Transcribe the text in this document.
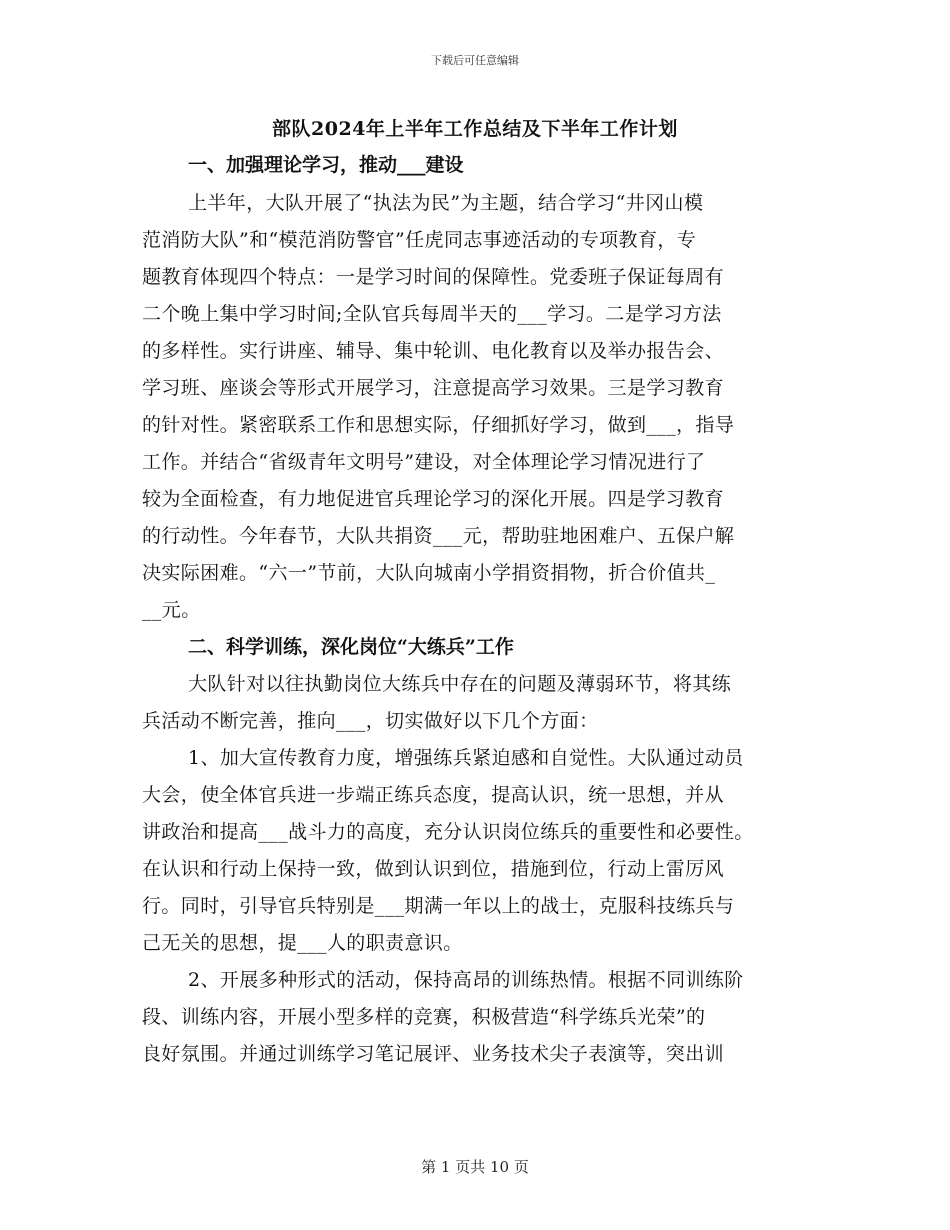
下载后可任意编辑
部队2024年上半年工作总结及下半年工作计划
一、加强理论学习，推动___建设
上半年，大队开展了“执法为民”为主题，结合学习“井冈山模
范消防大队”和“模范消防警官”任虎同志事迹活动的专项教育，专
题教育体现四个特点：一是学习时间的保障性。党委班子保证每周有
二个晚上集中学习时间;全队官兵每周半天的___学习。二是学习方法
的多样性。实行讲座、辅导、集中轮训、电化教育以及举办报告会、
学习班、座谈会等形式开展学习，注意提高学习效果。三是学习教育
的针对性。紧密联系工作和思想实际，仔细抓好学习，做到___，指导
工作。并结合“省级青年文明号”建设，对全体理论学习情况进行了
较为全面检查，有力地促进官兵理论学习的深化开展。四是学习教育
的行动性。今年春节，大队共捐资___元，帮助驻地困难户、五保户解
决实际困难。“六一”节前，大队向城南小学捐资捐物，折合价值共_
__元。
二、科学训练，深化岗位“大练兵”工作
大队针对以往执勤岗位大练兵中存在的问题及薄弱环节，将其练
兵活动不断完善，推向___，切实做好以下几个方面：
1、加大宣传教育力度，增强练兵紧迫感和自觉性。大队通过动员
大会，使全体官兵进一步端正练兵态度，提高认识，统一思想，并从
讲政治和提高___战斗力的高度，充分认识岗位练兵的重要性和必要性。
在认识和行动上保持一致，做到认识到位，措施到位，行动上雷厉风
行。同时，引导官兵特别是___期满一年以上的战士，克服科技练兵与
己无关的思想，提___人的职责意识。
2、开展多种形式的活动，保持高昂的训练热情。根据不同训练阶
段、训练内容，开展小型多样的竞赛，积极营造“科学练兵光荣”的
良好氛围。并通过训练学习笔记展评、业务技术尖子表演等，突出训
第 1 页共 10 页
